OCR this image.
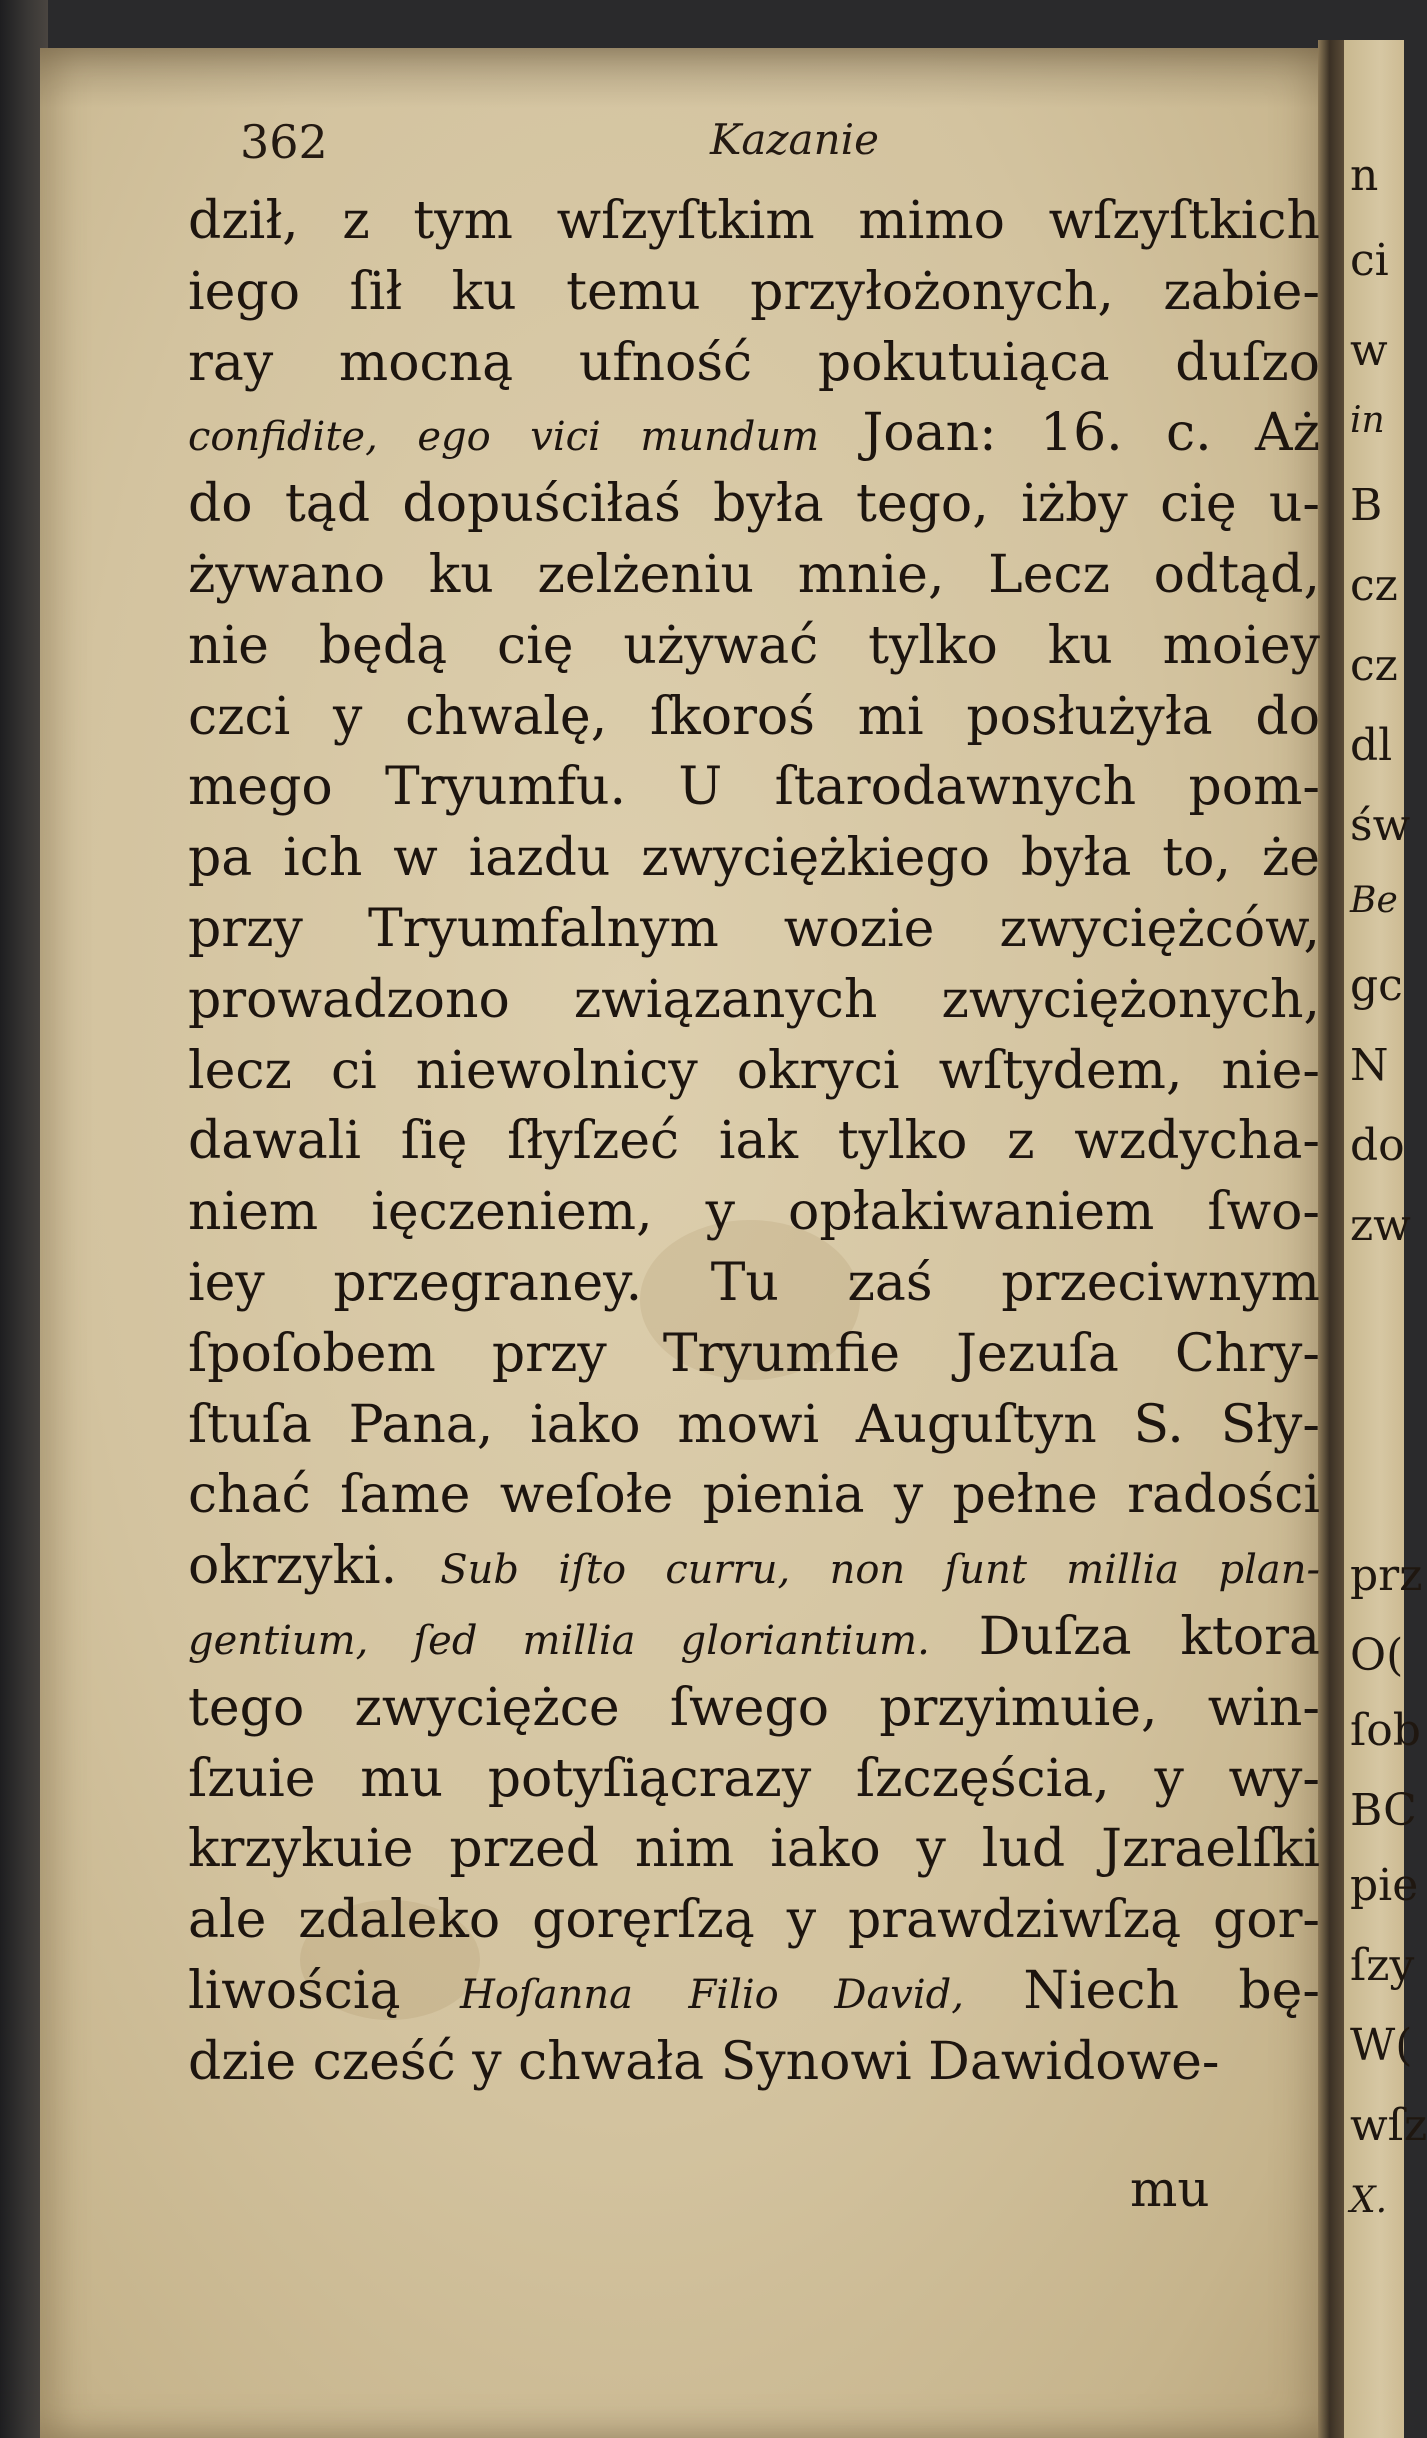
n
ci
w
in
B
cz
cz
dl
św
Be
gc
N
do
zw
prz
O(
ſob
BC
pie
ſzy
W(
wſz
X.
362	Kazanie
dził, z tym wſzyſtkim mimo wſzyſtkich
iego ſił ku temu przyłożonych, zabie-
ray mocną ufność pokutuiąca duſzo
confidite, ego vici mundum Joan: 16. c. Aż
do tąd dopuściłaś była tego, iżby cię u-
żywano ku zelżeniu mnie, Lecz odtąd,
nie będą cię używać tylko ku moiey
czci y chwalę, ſkoroś mi posłużyła do
mego Tryumfu. U ſtarodawnych pom-
pa ich w iazdu zwyciężkiego była to, że
przy Tryumfalnym wozie zwyciężców,
prowadzono związanych zwyciężonych,
lecz ci niewolnicy okryci wſtydem, nie-
dawali ſię ſłyſzeć iak tylko z wzdycha-
niem ięczeniem, y opłakiwaniem ſwo-
iey przegraney. Tu zaś przeciwnym
ſpoſobem przy Tryumfie Jezuſa Chry-
ſtuſa Pana, iako mowi Auguſtyn S. Sły-
chać ſame weſołe pienia y pełne radości
okrzyki. Sub iſto curru, non ſunt millia plan-
gentium, ſed millia gloriantium. Duſza ktora
tego zwyciężce ſwego przyimuie, win-
ſzuie mu potyſiącrazy ſzczęścia, y wy-
krzykuie przed nim iako y lud Jzraelſki
ale zdaleko goręrſzą y prawdziwſzą gor-
liwością Hoſanna Filio David, Niech bę-
dzie cześć y chwała Synowi Dawidowe-
mu
